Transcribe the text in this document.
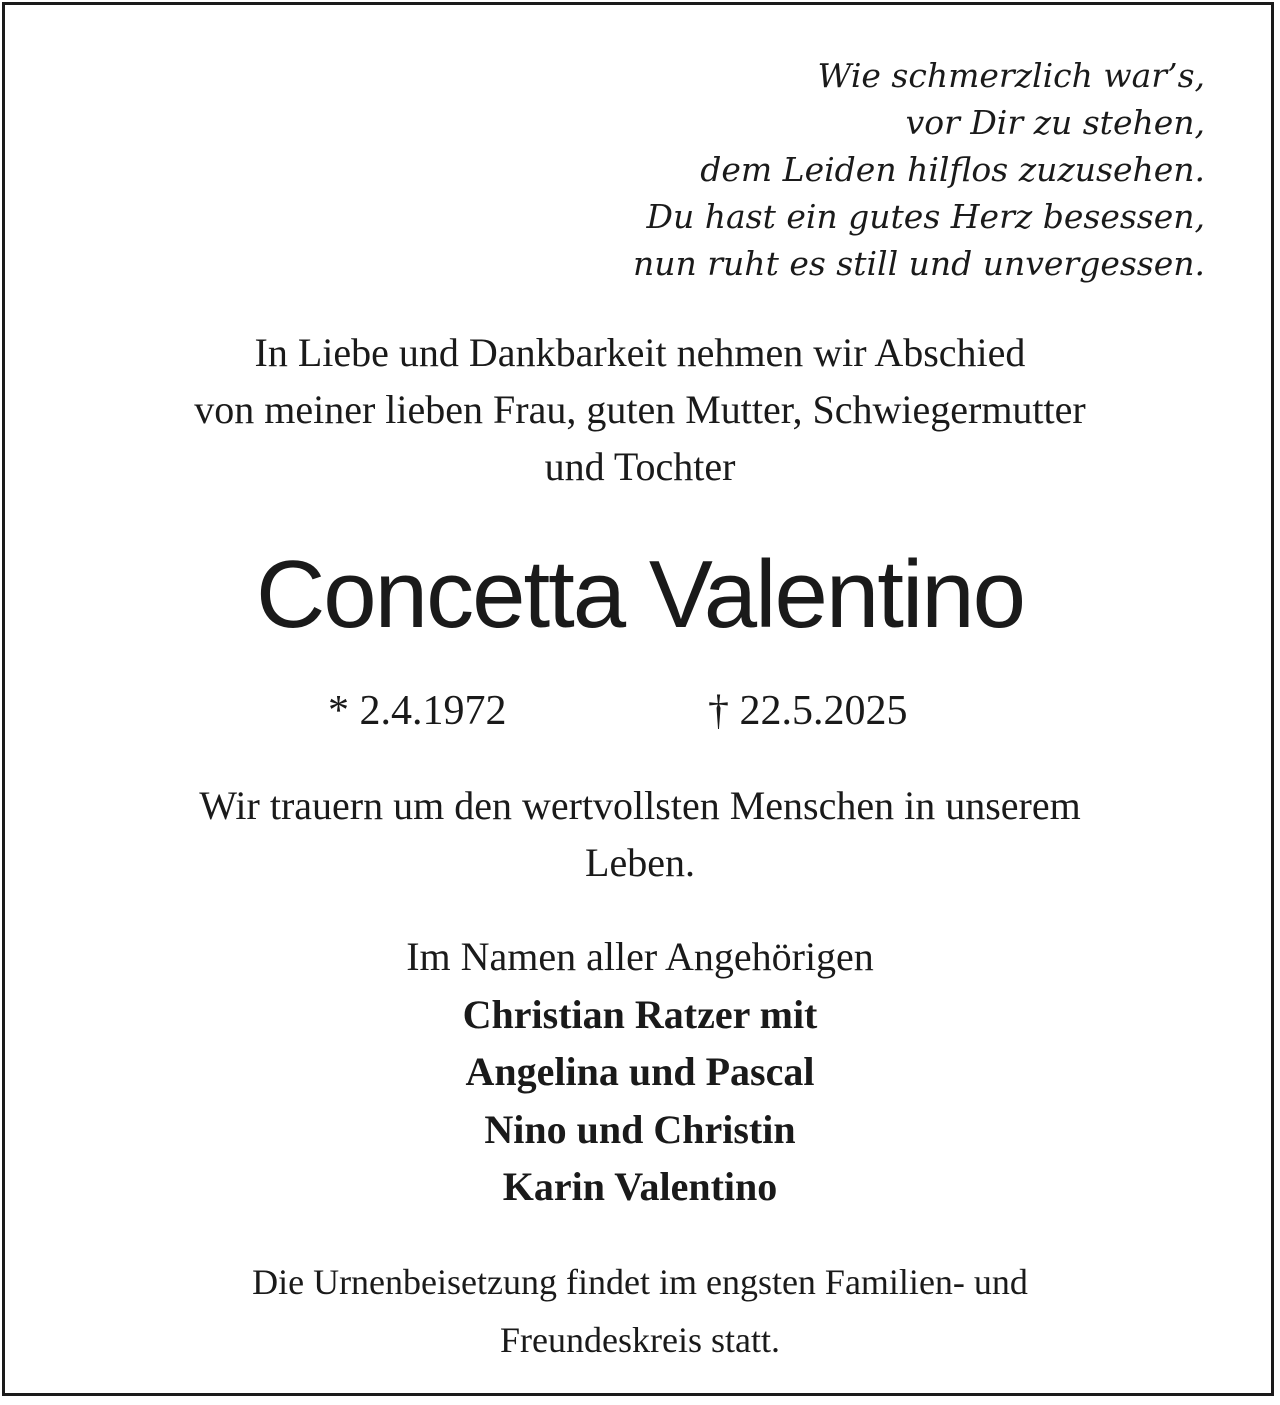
Wie schmerzlich war’s,
vor Dir zu stehen,
dem Leiden hilflos zuzusehen.
Du hast ein gutes Herz besessen,
nun ruht es still und unvergessen.
In Liebe und Dankbarkeit nehmen wir Abschied
von meiner lieben Frau, guten Mutter, Schwiegermutter
und Tochter
Concetta Valentino
* 2.4.1972	† 22.5.2025
Wir trauern um den wertvollsten Menschen in unserem
Leben.
Im Namen aller Angehörigen
Christian Ratzer mit
Angelina und Pascal
Nino und Christin
Karin Valentino
Die Urnenbeisetzung findet im engsten Familien- und
Freundeskreis statt.
